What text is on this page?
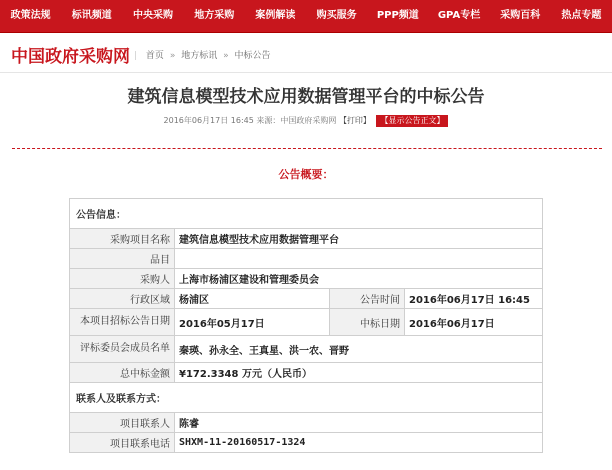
政策法规	标讯频道	中央采购	地方采购	案例解读	购买服务	PPP频道	GPA专栏	采购百科	热点专题
中国政府采购网 | 首页 » 地方标讯 » 中标公告
建筑信息模型技术应用数据管理平台的中标公告
2016年06月17日 16:45 来源：中国政府采购网 【打印】 【显示公告正文】
公告概要：
公告信息：			
采购项目名称	建筑信息模型技术应用数据管理平台		
品目			
采购人	上海市杨浦区建设和管理委员会		
行政区域	杨浦区	公告时间	2016年06月17日 16:45
本项目招标公告日期	2016年05月17日	中标日期	2016年06月17日
评标委员会成员名单	秦瑛、孙永全、王真星、洪一农、晋野		
总中标金额	¥172.3348 万元（人民币）		
联系人及联系方式：			
项目联系人	陈睿		
项目联系电话	SHXM-11-20160517-1324		
